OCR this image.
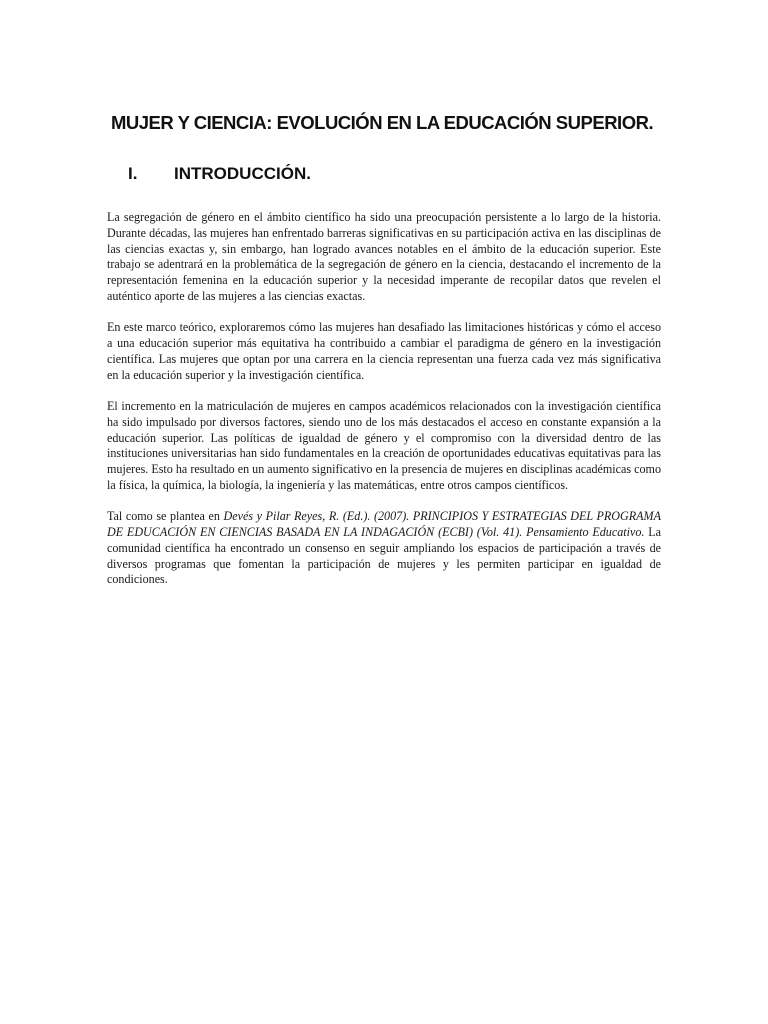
MUJER Y CIENCIA: EVOLUCIÓN EN LA EDUCACIÓN SUPERIOR.
I. INTRODUCCIÓN.

La segregación de género en el ámbito científico ha sido una preocupación persistente a lo largo de la historia. Durante décadas, las mujeres han enfrentado barreras significativas en su participación activa en las disciplinas de las ciencias exactas y, sin embargo, han logrado avances notables en el ámbito de la educación superior. Este trabajo se adentrará en la problemática de la segregación de género en la ciencia, destacando el incremento de la representación femenina en la educación superior y la necesidad imperante de recopilar datos que revelen el auténtico aporte de las mujeres a las ciencias exactas.

En este marco teórico, exploraremos cómo las mujeres han desafiado las limitaciones históricas y cómo el acceso a una educación superior más equitativa ha contribuido a cambiar el paradigma de género en la investigación científica. Las mujeres que optan por una carrera en la ciencia representan una fuerza cada vez más significativa en la educación superior y la investigación científica.

El incremento en la matriculación de mujeres en campos académicos relacionados con la investigación científica ha sido impulsado por diversos factores, siendo uno de los más destacados el acceso en constante expansión a la educación superior. Las políticas de igualdad de género y el compromiso con la diversidad dentro de las instituciones universitarias han sido fundamentales en la creación de oportunidades educativas equitativas para las mujeres. Esto ha resultado en un aumento significativo en la presencia de mujeres en disciplinas académicas como la física, la química, la biología, la ingeniería y las matemáticas, entre otros campos científicos.

Tal como se plantea en Devés y Pilar Reyes, R. (Ed.). (2007). PRINCIPIOS Y ESTRATEGIAS DEL PROGRAMA DE EDUCACIÓN EN CIENCIAS BASADA EN LA INDAGACIÓN (ECBI) (Vol. 41). Pensamiento Educativo. La comunidad científica ha encontrado un consenso en seguir ampliando los espacios de participación a través de diversos programas que fomentan la participación de mujeres y les permiten participar en igualdad de condiciones.
